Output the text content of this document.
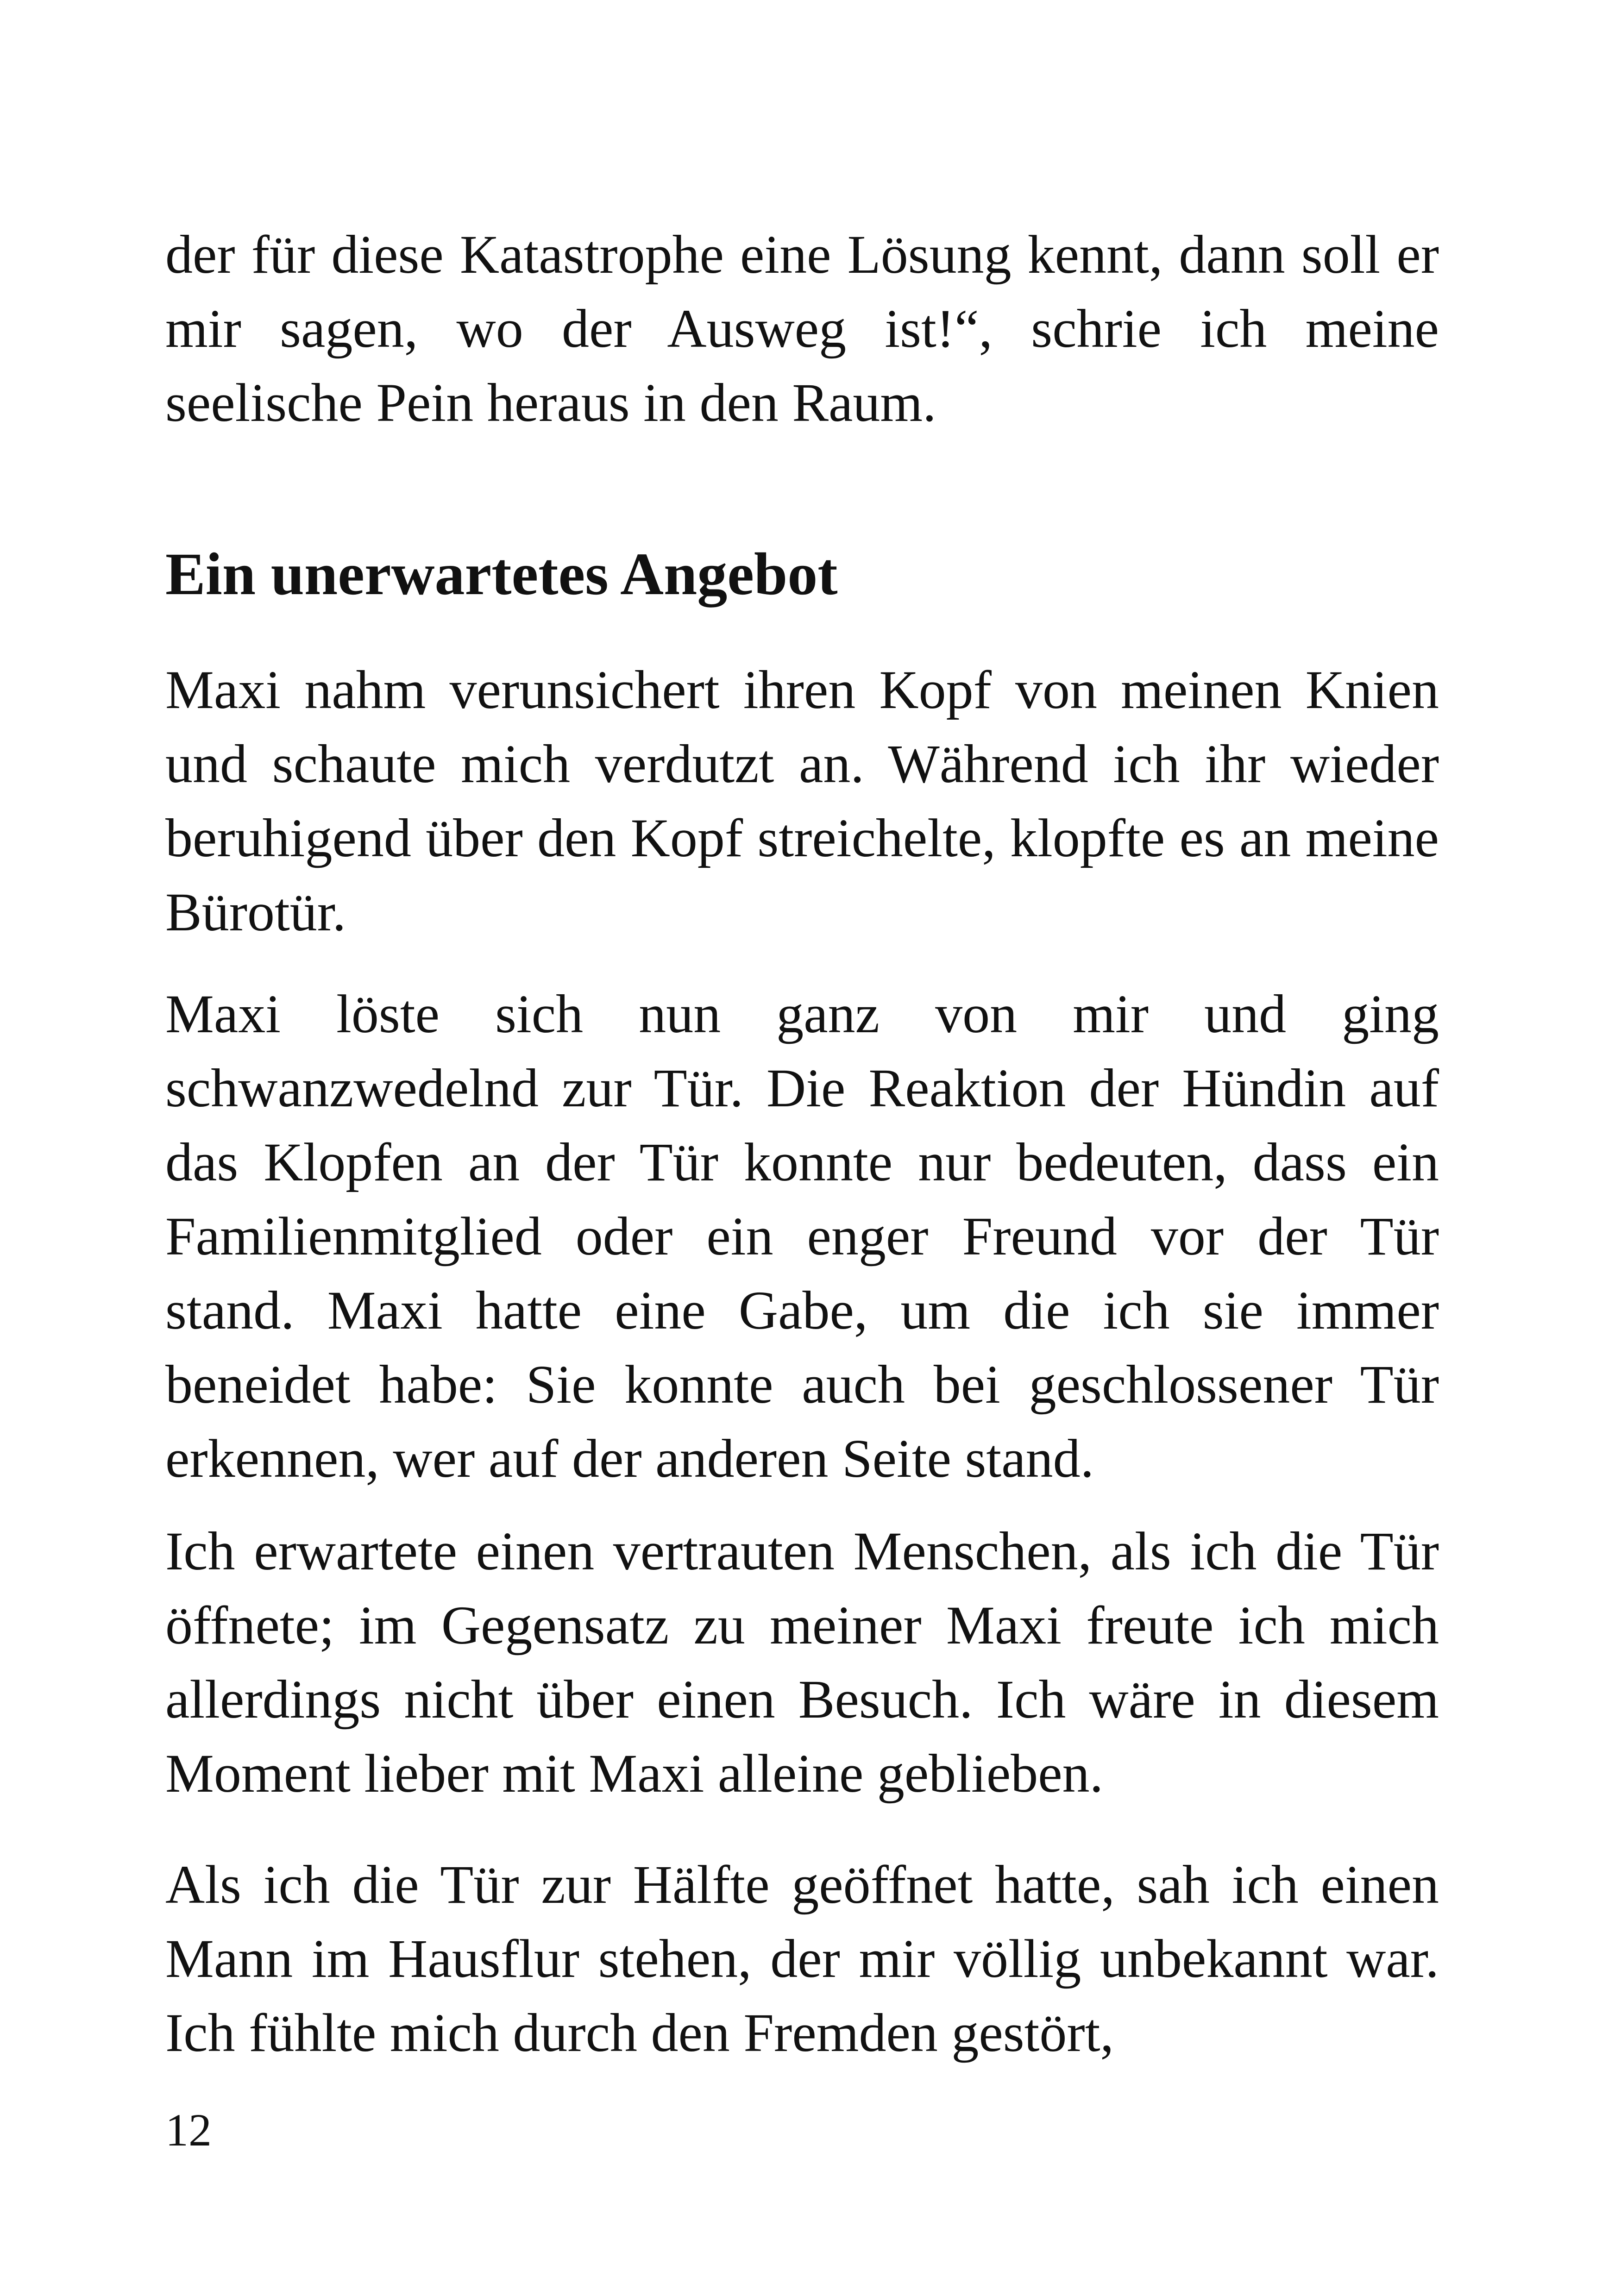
der für diese Katastrophe eine Lösung kennt, dann soll er mir sagen, wo der Ausweg ist!“, schrie ich meine seelische Pein heraus in den Raum.

Ein unerwartetes Angebot

Maxi nahm verunsichert ihren Kopf von meinen Knien und schaute mich verdutzt an. Während ich ihr wieder beruhigend über den Kopf streichelte, klopfte es an meine Bürotür.

Maxi löste sich nun ganz von mir und ging schwanzwedelnd zur Tür. Die Reaktion der Hündin auf das Klopfen an der Tür konnte nur bedeuten, dass ein Familienmitglied oder ein enger Freund vor der Tür stand. Maxi hatte eine Gabe, um die ich sie immer beneidet habe: Sie konnte auch bei geschlossener Tür erkennen, wer auf der anderen Seite stand.

Ich erwartete einen vertrauten Menschen, als ich die Tür öffnete; im Gegensatz zu meiner Maxi freute ich mich allerdings nicht über einen Besuch. Ich wäre in diesem Moment lieber mit Maxi alleine geblieben.

Als ich die Tür zur Hälfte geöffnet hatte, sah ich einen Mann im Hausflur stehen, der mir völlig unbekannt war. Ich fühlte mich durch den Fremden gestört,

12
